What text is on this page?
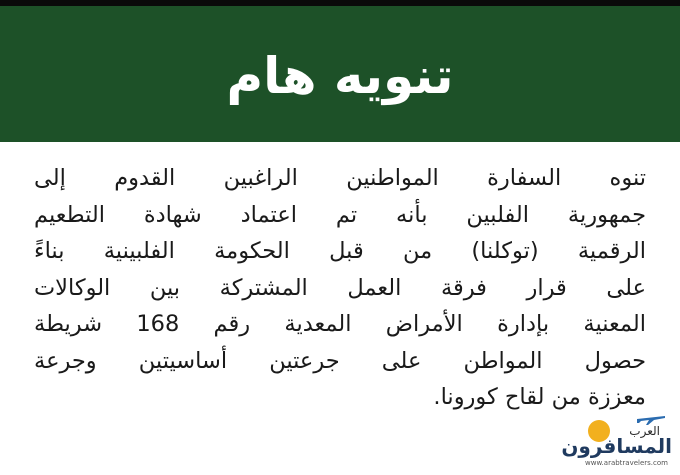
تنويه هام
تنوه السفارة المواطنين الراغبين القدوم إلى
جمهورية الفلبين بأنه تم اعتماد شهادة التطعيم
الرقمية (توكلنا) من قبل الحكومة الفلبينية بناءً
على قرار فرقة العمل المشتركة بين الوكالات
المعنية بإدارة الأمراض المعدية رقم 168 شريطة
حصول المواطن على جرعتين أساسيتين وجرعة
معززة من لقاح كورونا.
العرب
المسافرون
www.arabtravelers.com
